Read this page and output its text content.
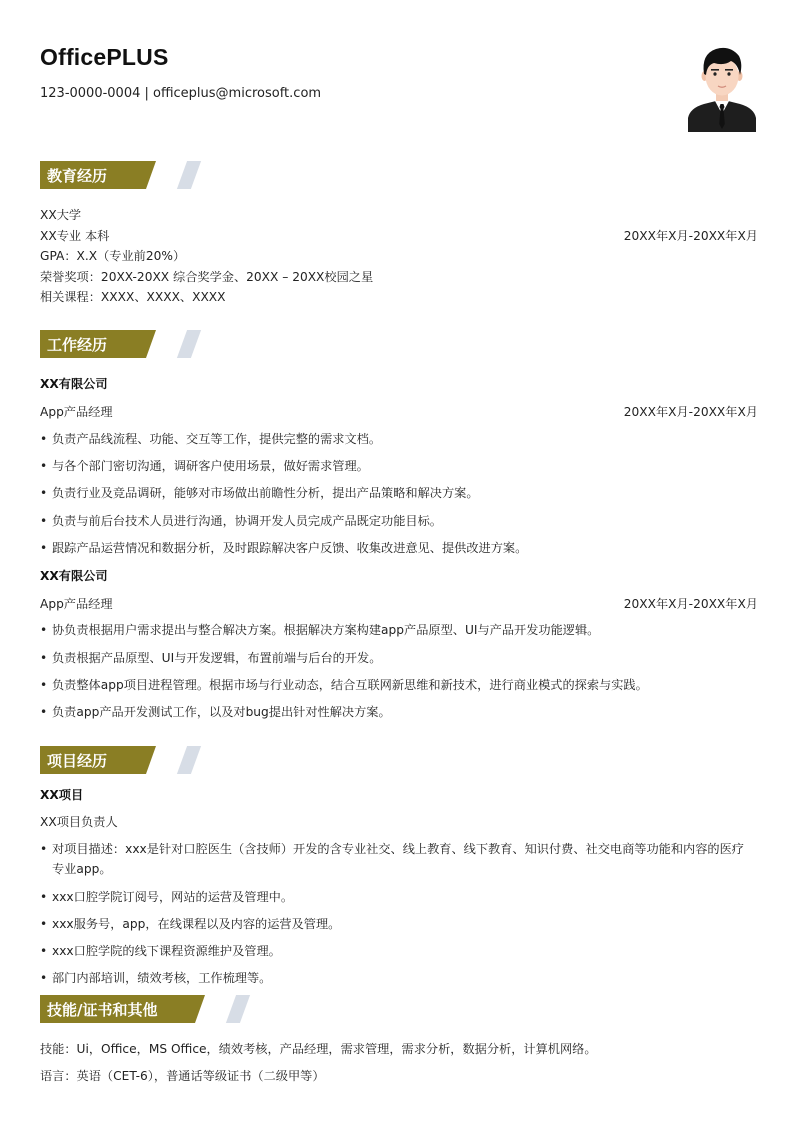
OfficePLUS
123-0000-0004 | officeplus@microsoft.com
教育经历
XX大学
XX专业 本科	20XX年X月-20XX年X月
GPA：X.X（专业前20%）
荣誉奖项：20XX-20XX 综合奖学金、20XX – 20XX校园之星
相关课程：XXXX、XXXX、XXXX
工作经历
XX有限公司
App产品经理	20XX年X月-20XX年X月
• 负责产品线流程、功能、交互等工作，提供完整的需求文档。
• 与各个部门密切沟通，调研客户使用场景，做好需求管理。
• 负责行业及竞品调研，能够对市场做出前瞻性分析，提出产品策略和解决方案。
• 负责与前后台技术人员进行沟通，协调开发人员完成产品既定功能目标。
• 跟踪产品运营情况和数据分析，及时跟踪解决客户反馈、收集改进意见、提供改进方案。
XX有限公司
App产品经理	20XX年X月-20XX年X月
• 协负责根据用户需求提出与整合解决方案。根据解决方案构建app产品原型、UI与产品开发功能逻辑。
• 负责根据产品原型、UI与开发逻辑，布置前端与后台的开发。
• 负责整体app项目进程管理。根据市场与行业动态，结合互联网新思维和新技术，进行商业模式的探索与实践。
• 负责app产品开发测试工作，以及对bug提出针对性解决方案。
项目经历
XX项目
XX项目负责人
• 对项目描述：xxx是针对口腔医生（含技师）开发的含专业社交、线上教育、线下教育、知识付费、社交电商等功能和内容的医疗专业app。
• xxx口腔学院订阅号，网站的运营及管理中。
• xxx服务号，app，在线课程以及内容的运营及管理。
• xxx口腔学院的线下课程资源维护及管理。
• 部门内部培训，绩效考核，工作梳理等。
技能/证书和其他
技能：Ui，Office，MS Office，绩效考核，产品经理，需求管理，需求分析，数据分析，计算机网络。
语言：英语（CET-6），普通话等级证书（二级甲等）
